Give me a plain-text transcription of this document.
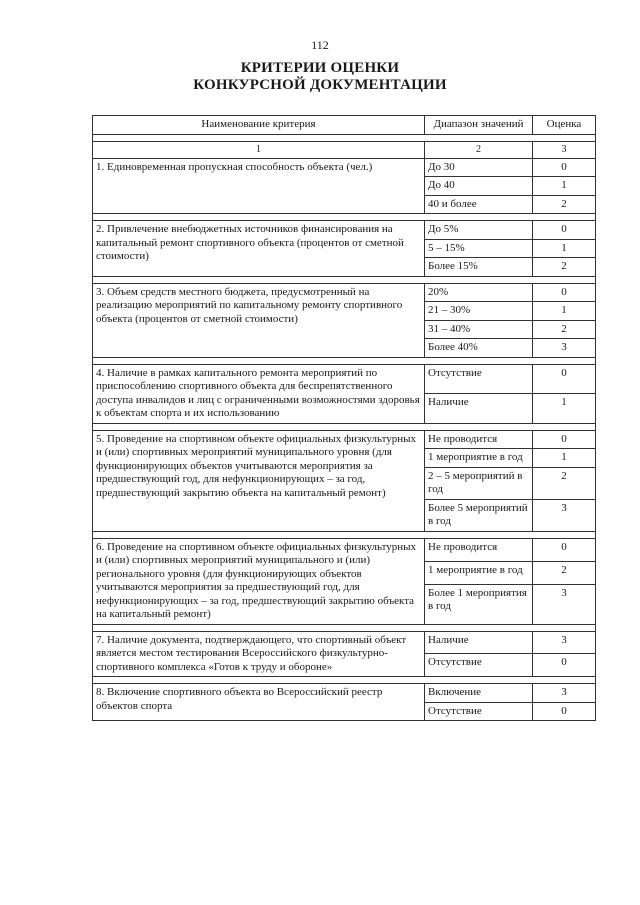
112
КРИТЕРИИ ОЦЕНКИ
КОНКУРСНОЙ ДОКУМЕНТАЦИИ
Наименование критерия	Диапазон значений	Оценка

1	2	3
1. Единовременная пропускная способность объекта (чел.)	До 30	0
	До 40	1
	40 и более	2

2. Привлечение внебюджетных источников финансирования на капитальный ремонт спортивного объекта (процентов от сметной стоимости)	До 5%	0
	5 – 15%	1
	Более 15%	2

3. Объем средств местного бюджета, предусмотренный на реализацию мероприятий по капитальному ремонту спортивного объекта (процентов от сметной стоимости)	20%	0
	21 – 30%	1
	31 – 40%	2
	Более 40%	3

4. Наличие в рамках капитального ремонта мероприятий по приспособлению спортивного объекта для беспрепятственного доступа инвалидов и лиц с ограниченными возможностями здоровья к объектам спорта и их использованию	Отсутствие	0
	Наличие	1

5. Проведение на спортивном объекте официальных физкультурных и (или) спортивных мероприятий муниципального уровня (для функционирующих объектов учитываются мероприятия за предшествующий год, для нефункционирующих – за год, предшествующий закрытию объекта на капитальный ремонт)	Не проводится	0
	1 мероприятие в год	1
	2 – 5 мероприятий в год	2
	Более 5 мероприятий в год	3

6. Проведение на спортивном объекте официальных физкультурных и (или) спортивных мероприятий муниципального и (или) регионального уровня (для функционирующих объектов учитываются мероприятия за предшествующий год, для нефункционирующих – за год, предшествующий закрытию объекта на капитальный ремонт)	Не проводится	0
	1 мероприятие в год	2
	Более 1 мероприятия в год	3

7. Наличие документа, подтверждающего, что спортивный объект является местом тестирования Всероссийского физкультурно-спортивного комплекса «Готов к труду и обороне»	Наличие	3
	Отсутствие	0

8. Включение спортивного объекта во Всероссийский реестр объектов спорта	Включение	3
	Отсутствие	0
